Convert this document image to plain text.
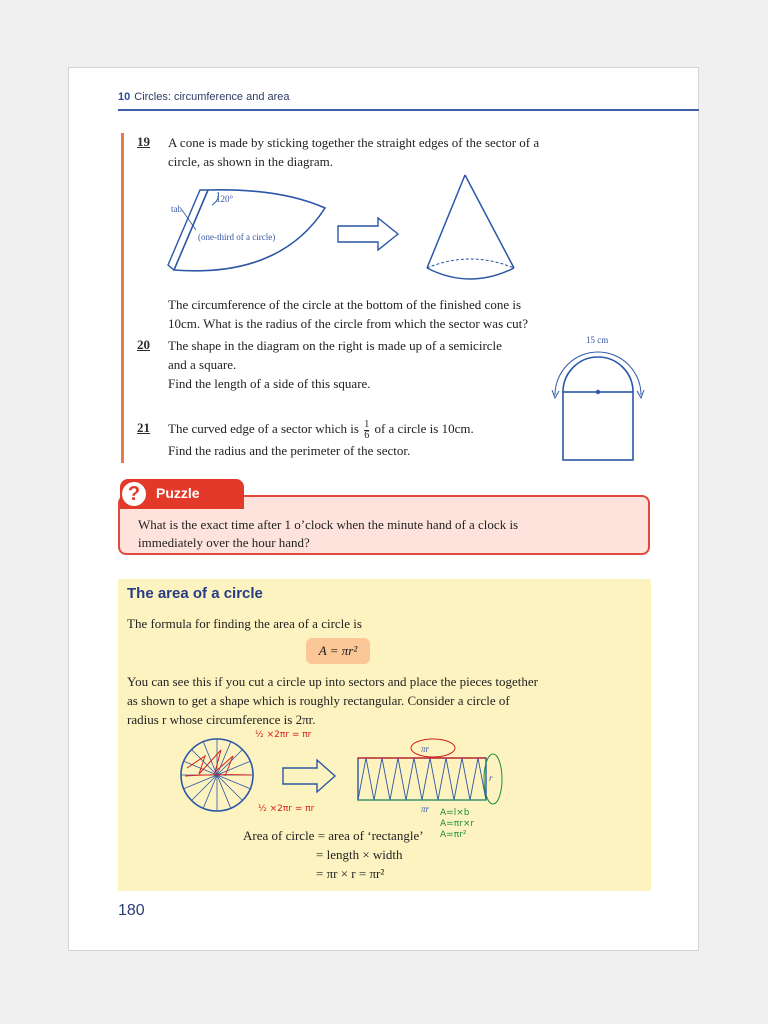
10 Circles: circumference and area
19 A cone is made by sticking together the straight edges of the sector of a
circle, as shown in the diagram.
tab
120°
(one-third of a circle)
The circumference of the circle at the bottom of the finished cone is
10cm. What is the radius of the circle from which the sector was cut?
20 The shape in the diagram on the right is made up of a semicircle
and a square.
Find the length of a side of this square.
15 cm
21 The curved edge of a sector which is $\frac{1}{6}$ of a circle is 10cm.
Find the radius and the perimeter of the sector.
?	Puzzle
What is the exact time after 1 o’clock when the minute hand of a clock is
immediately over the hour hand?
The area of a circle
The formula for finding the area of a circle is
A = πr²
You can see this if you cut a circle up into sectors and place the pieces together
as shown to get a shape which is roughly rectangular. Consider a circle of
radius r whose circumference is 2πr.
πr
πr
r
½ ×2πr = πr
½ ×2πr = πr	A=l×b
A=πr×r
A=πr²
Area of circle = area of ‘rectangle’
= length × width
= πr × r = πr²
180
